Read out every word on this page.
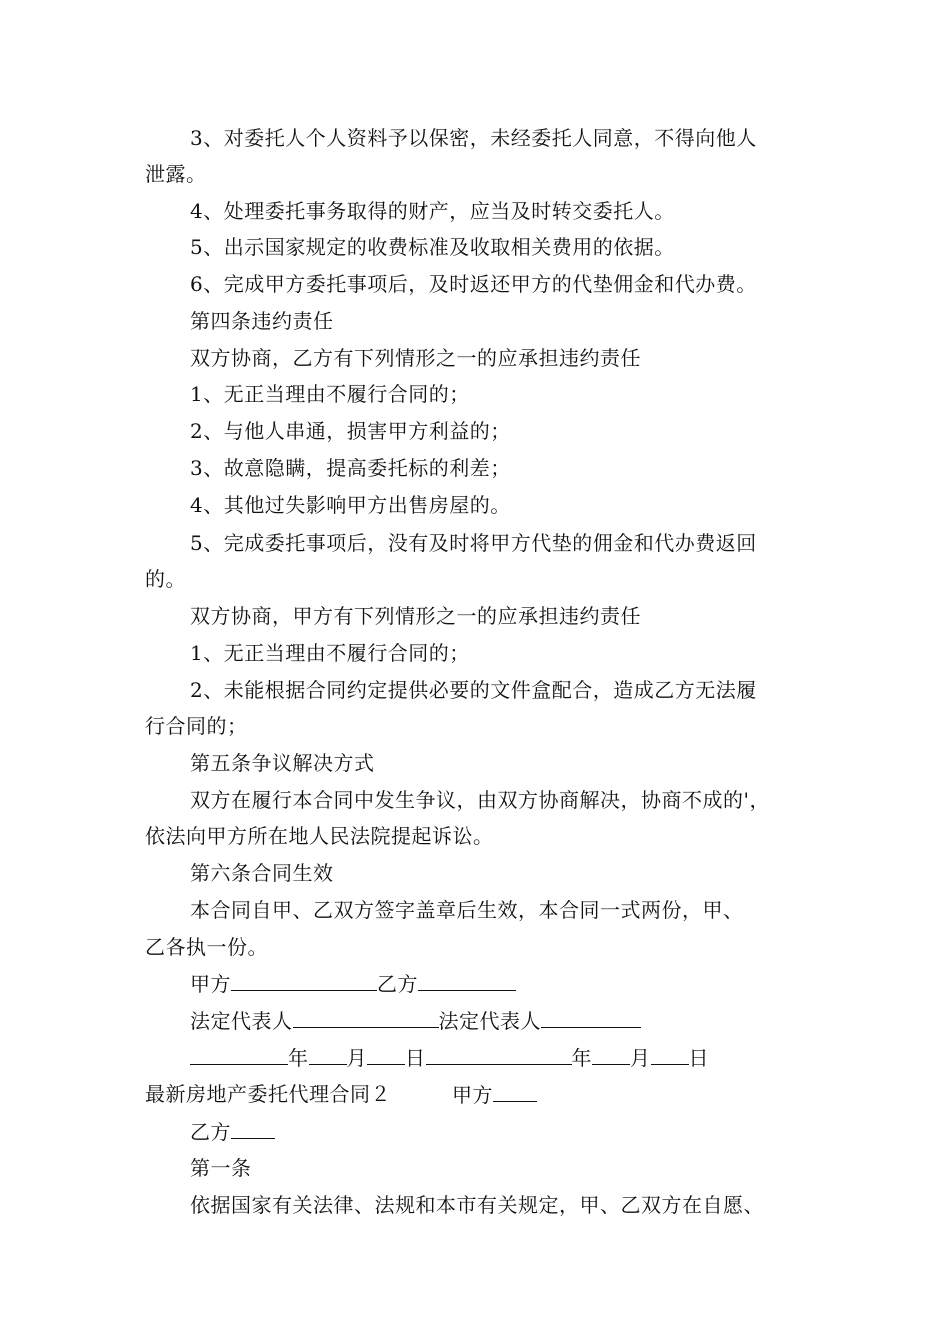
3、对委托人个人资料予以保密，未经委托人同意，不得向他人
泄露。
4、处理委托事务取得的财产，应当及时转交委托人。
5、出示国家规定的收费标准及收取相关费用的依据。
6、完成甲方委托事项后，及时返还甲方的代垫佣金和代办费。
第四条违约责任
双方协商，乙方有下列情形之一的应承担违约责任
1、无正当理由不履行合同的；
2、与他人串通，损害甲方利益的；
3、故意隐瞒，提高委托标的利差；
4、其他过失影响甲方出售房屋的。
5、完成委托事项后，没有及时将甲方代垫的佣金和代办费返回
的。
双方协商，甲方有下列情形之一的应承担违约责任
1、无正当理由不履行合同的；
2、未能根据合同约定提供必要的文件盒配合，造成乙方无法履
行合同的；
第五条争议解决方式
双方在履行本合同中发生争议，由双方协商解决，协商不成的'，
依法向甲方所在地人民法院提起诉讼。
第六条合同生效
本合同自甲、乙双方签字盖章后生效，本合同一式两份，甲、
乙各执一份。
甲方	乙方
法定代表人	法定代表人
年 月 日	年 月 日
最新房地产委托代理合同２	甲方
乙方
第一条
依据国家有关法律、法规和本市有关规定，甲、乙双方在自愿、
